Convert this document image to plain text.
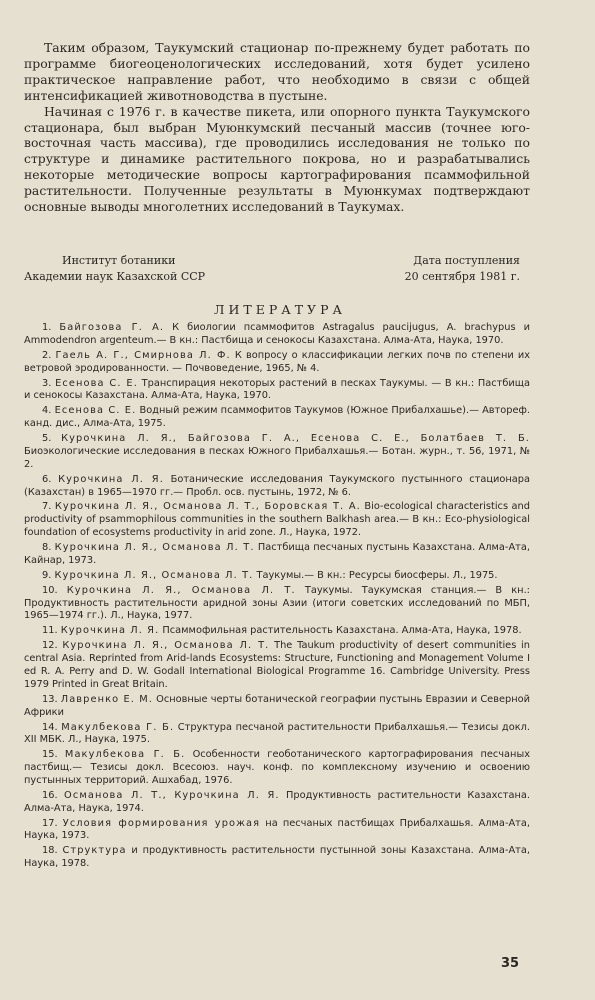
Таким образом, Таукумский стационар по-прежнему будет работать по программе биогеоценологических исследований, хотя будет усилено практическое направление работ, что необходимо в связи с общей интенсификацией животноводства в пустыне.

Начиная с 1976 г. в качестве пикета, или опорного пункта Таукумского стационара, был выбран Муюнкумский песчаный массив (точнее юго-восточная часть массива), где проводились исследования не только по структуре и динамике растительного покрова, но и разрабатывались некоторые методические вопросы картографирования псаммофильной растительности. Полученные результаты в Муюнкумах подтверждают основные выводы многолетних исследований в Таукумах.

Институт ботаники
Академии наук Казахской ССР
Дата поступления
20 сентября 1981 г.
ЛИТЕРАТУРА

1. Байгозова Г. А. К биологии псаммофитов Astragalus paucijugus, A. brachypus и Ammodendron argenteum.— В кн.: Пастбища и сенокосы Казахстана. Алма-Ата, Наука, 1970.

2. Гаель А. Г., Смирнова Л. Ф. К вопросу о классификации легких почв по степени их ветровой эродированности. — Почвоведение, 1965, № 4.

3. Есенова С. Е. Транспирация некоторых растений в песках Таукумы. — В кн.: Пастбища и сенокосы Казахстана. Алма-Ата, Наука, 1970.

4. Есенова С. Е. Водный режим псаммофитов Таукумов (Южное Прибалхашье).— Автореф. канд. дис., Алма-Ата, 1975.

5. Курочкина Л. Я., Байгозова Г. А., Есенова С. Е., Болатбаев Т. Б. Биоэкологические исследования в песках Южного Прибалхашья.— Ботан. журн., т. 56, 1971, № 2.

6. Курочкина Л. Я. Ботанические исследования Таукумского пустынного стационара (Казахстан) в 1965—1970 гг.— Пробл. осв. пустынь, 1972, № 6.

7. Курочкина Л. Я., Османова Л. Т., Боровская Т. А. Bio-ecological characteristics and productivity of psammophilous communities in the southern Balkhash area.— В кн.: Eco-physiological foundation of ecosystems productivity in arid zone. Л., Наука, 1972.

8. Курочкина Л. Я., Османова Л. Т. Пастбища песчаных пустынь Казахстана. Алма-Ата, Кайнар, 1973.

9. Курочкина Л. Я., Османова Л. Т. Таукумы.— В кн.: Ресурсы биосферы. Л., 1975.

10. Курочкина Л. Я., Османова Л. Т. Таукумы. Таукумская станция.— В кн.: Продуктивность растительности аридной зоны Азии (итоги советских исследований по МБП, 1965—1974 гг.). Л., Наука, 1977.

11. Курочкина Л. Я. Псаммофильная растительность Казахстана. Алма-Ата, Наука, 1978.

12. Курочкина Л. Я., Османова Л. Т. The Taukum productivity of desert communities in central Asia. Reprinted from Arid-lands Ecosystems: Structure, Functioning and Monagement Volume I ed R. A. Perry and D. W. Godall International Biological Programme 16. Cambridge University. Press 1979 Printed in Great Britain.

13. Лавренко Е. М. Основные черты ботанической географии пустынь Евразии и Северной Африки

14. Макулбекова Г. Б. Структура песчаной растительности Прибалхашья.— Тезисы докл. XII МБК. Л., Наука, 1975.

15. Макулбекова Г. Б. Особенности геоботанического картографирования песчаных пастбищ.— Тезисы докл. Всесоюз. науч. конф. по комплексному изучению и освоению пустынных территорий. Ашхабад, 1976.

16. Османова Л. Т., Курочкина Л. Я. Продуктивность растительности Казахстана. Алма-Ата, Наука, 1974.

17. Условия формирования урожая на песчаных пастбищах Прибалхашья. Алма-Ата, Наука, 1973.

18. Структура и продуктивность растительности пустынной зоны Казахстана. Алма-Ата, Наука, 1978.

35
